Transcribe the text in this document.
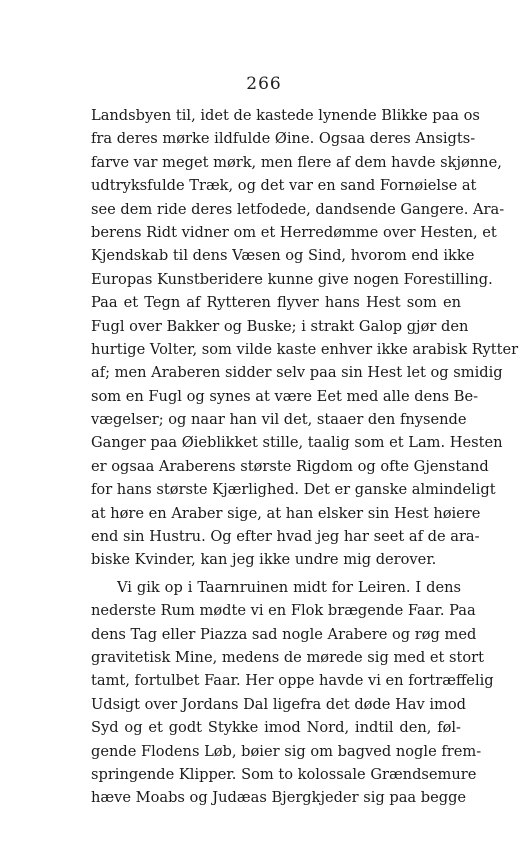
266
Landsbyen til, idet de kastede lynende Blikke paa os
fra deres mørke ildfulde Øine. Ogsaa deres Ansigts-
farve var meget mørk, men flere af dem havde skjønne,
udtryksfulde Træk, og det var en sand Fornøielse at
see dem ride deres letfodede, dandsende Gangere. Ara-
berens Ridt vidner om et Herredømme over Hesten, et
Kjendskab til dens Væsen og Sind, hvorom end ikke
Europas Kunstberidere kunne give nogen Forestilling.
Paa et Tegn af Rytteren flyver hans Hest som en
Fugl over Bakker og Buske; i strakt Galop gjør den
hurtige Volter, som vilde kaste enhver ikke arabisk Rytter
af; men Araberen sidder selv paa sin Hest let og smidig
som en Fugl og synes at være Eet med alle dens Be-
vægelser; og naar han vil det, staaer den fnysende
Ganger paa Øieblikket stille, taalig som et Lam. Hesten
er ogsaa Araberens største Rigdom og ofte Gjenstand
for hans største Kjærlighed. Det er ganske almindeligt
at høre en Araber sige, at han elsker sin Hest høiere
end sin Hustru. Og efter hvad jeg har seet af de ara-
biske Kvinder, kan jeg ikke undre mig derover.
Vi gik op i Taarnruinen midt for Leiren. I dens
nederste Rum mødte vi en Flok brægende Faar. Paa
dens Tag eller Piazza sad nogle Arabere og røg med
gravitetisk Mine, medens de mørede sig med et stort
tamt, fortulbet Faar. Her oppe havde vi en fortræffelig
Udsigt over Jordans Dal ligefra det døde Hav imod
Syd og et godt Stykke imod Nord, indtil den, føl-
gende Flodens Løb, bøier sig om bagved nogle frem-
springende Klipper. Som to kolossale Grændsemure
hæve Moabs og Judæas Bjergkjeder sig paa begge
